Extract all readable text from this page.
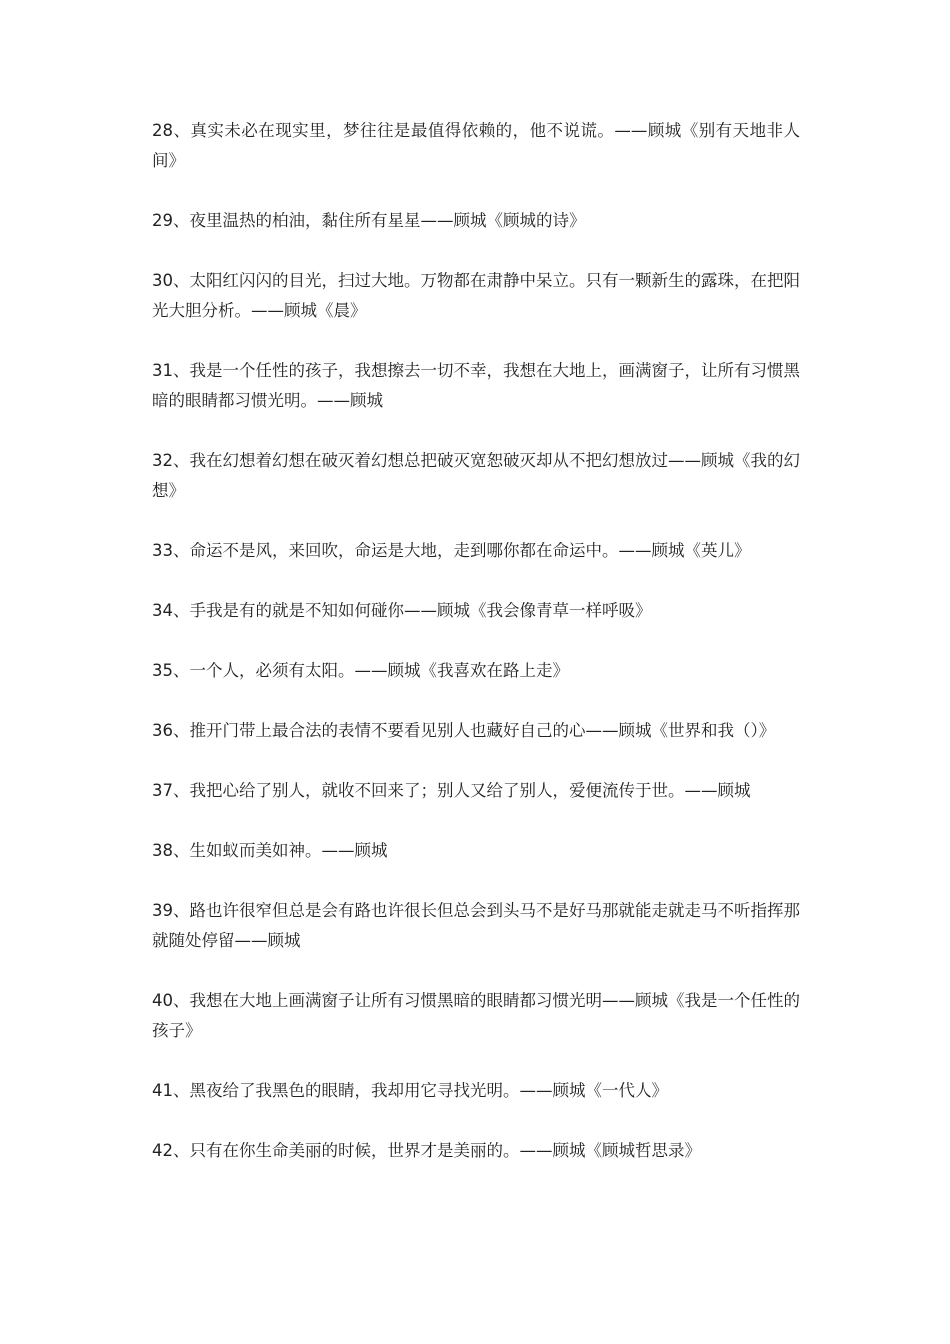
28、真实未必在现实里，梦往往是最值得依赖的，他不说谎。——顾城《别有天地非人间》
29、夜里温热的柏油，黏住所有星星——顾城《顾城的诗》
30、太阳红闪闪的目光，扫过大地。万物都在肃静中呆立。只有一颗新生的露珠，在把阳光大胆分析。——顾城《晨》
31、我是一个任性的孩子，我想擦去一切不幸，我想在大地上，画满窗子，让所有习惯黑暗的眼睛都习惯光明。——顾城
32、我在幻想着幻想在破灭着幻想总把破灭宽恕破灭却从不把幻想放过——顾城《我的幻想》
33、命运不是风，来回吹，命运是大地，走到哪你都在命运中。——顾城《英儿》
34、手我是有的就是不知如何碰你——顾城《我会像青草一样呼吸》
35、一个人，必须有太阳。——顾城《我喜欢在路上走》
36、推开门带上最合法的表情不要看见别人也藏好自己的心——顾城《世界和我（）》
37、我把心给了别人，就收不回来了；别人又给了别人，爱便流传于世。——顾城
38、生如蚁而美如神。——顾城
39、路也许很窄但总是会有路也许很长但总会到头马不是好马那就能走就走马不听指挥那就随处停留——顾城
40、我想在大地上画满窗子让所有习惯黑暗的眼睛都习惯光明——顾城《我是一个任性的孩子》
41、黑夜给了我黑色的眼睛，我却用它寻找光明。——顾城《一代人》
42、只有在你生命美丽的时候，世界才是美丽的。——顾城《顾城哲思录》
